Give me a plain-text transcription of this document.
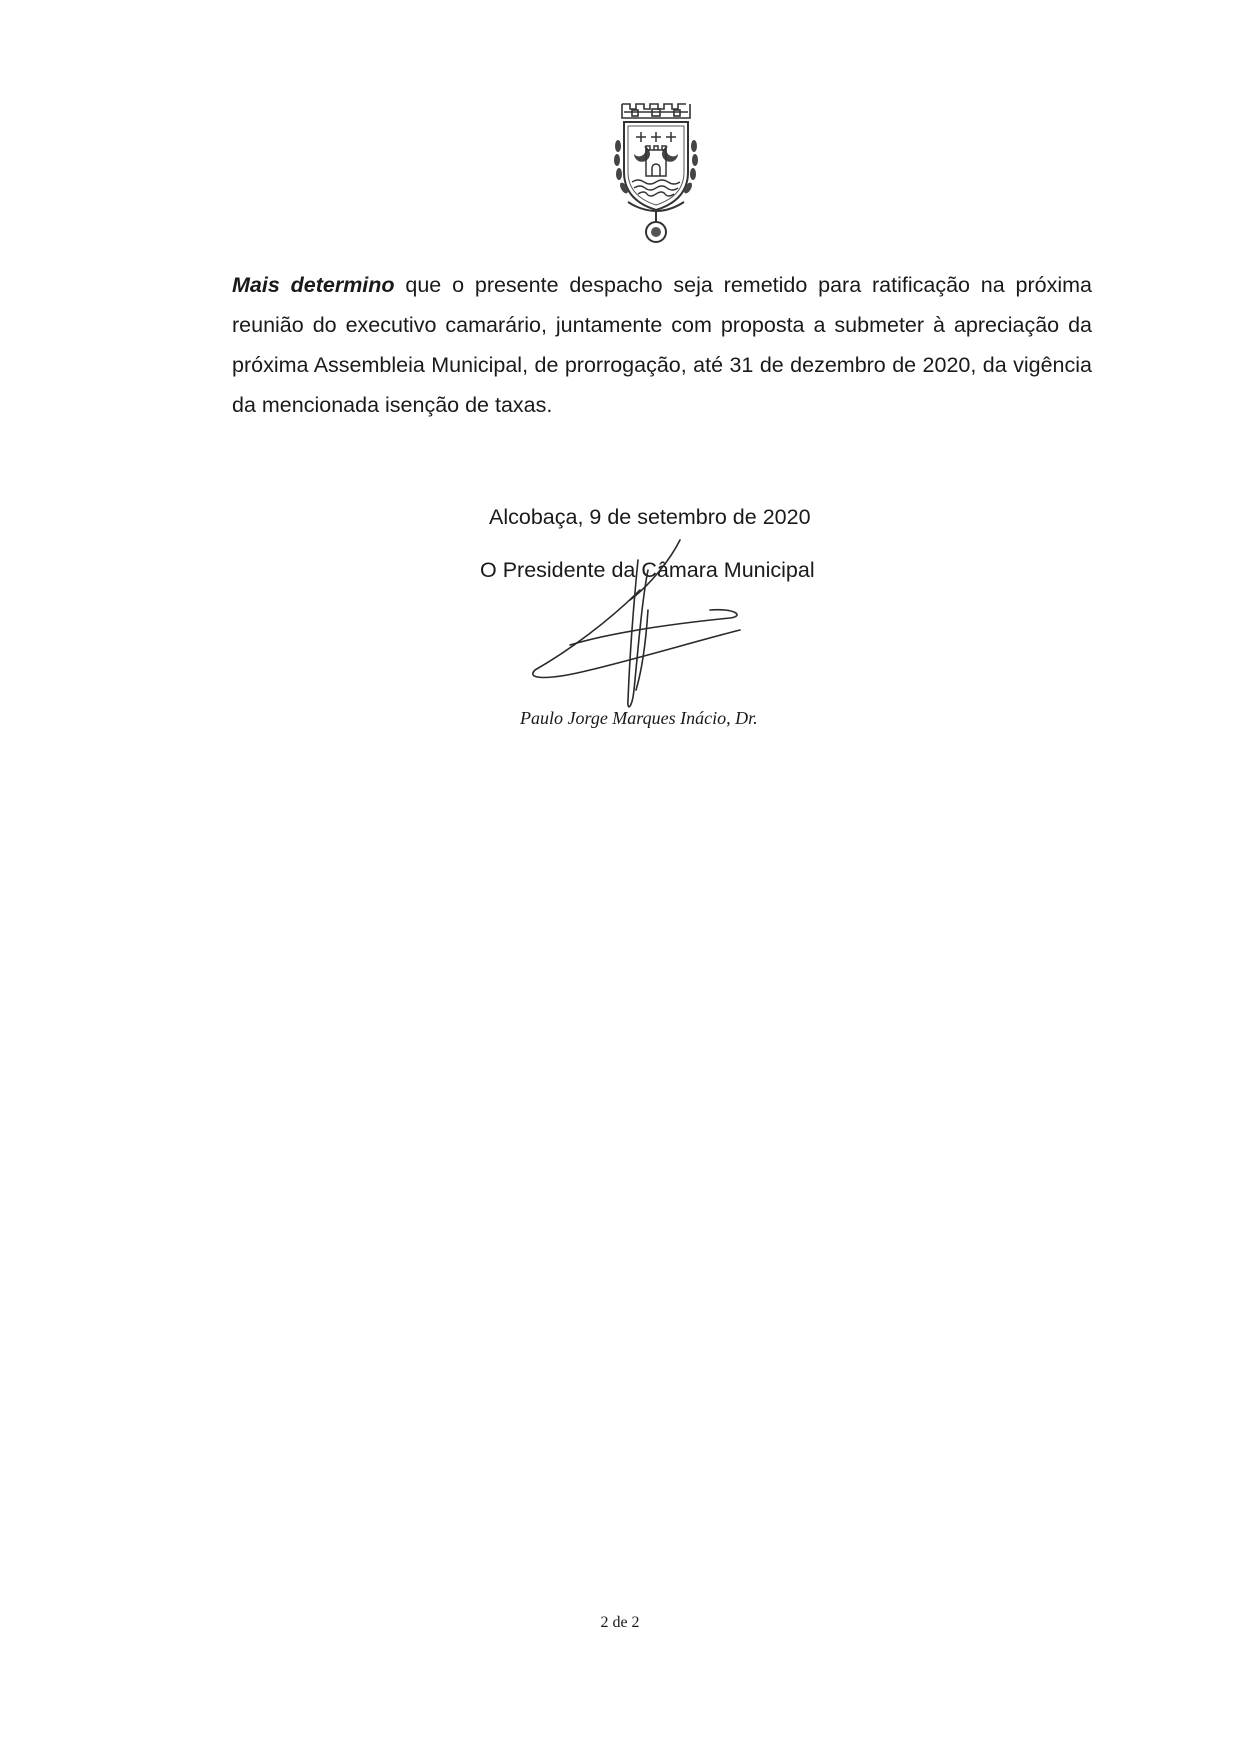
Mais determino que o presente despacho seja remetido para ratificação na próxima reunião do executivo camarário, juntamente com proposta a submeter à apreciação da próxima Assembleia Municipal, de prorrogação, até 31 de dezembro de 2020, da vigência da mencionada isenção de taxas.

Alcobaça, 9 de setembro de 2020

O Presidente da Câmara Municipal

Paulo Jorge Marques Inácio, Dr.

2 de 2
